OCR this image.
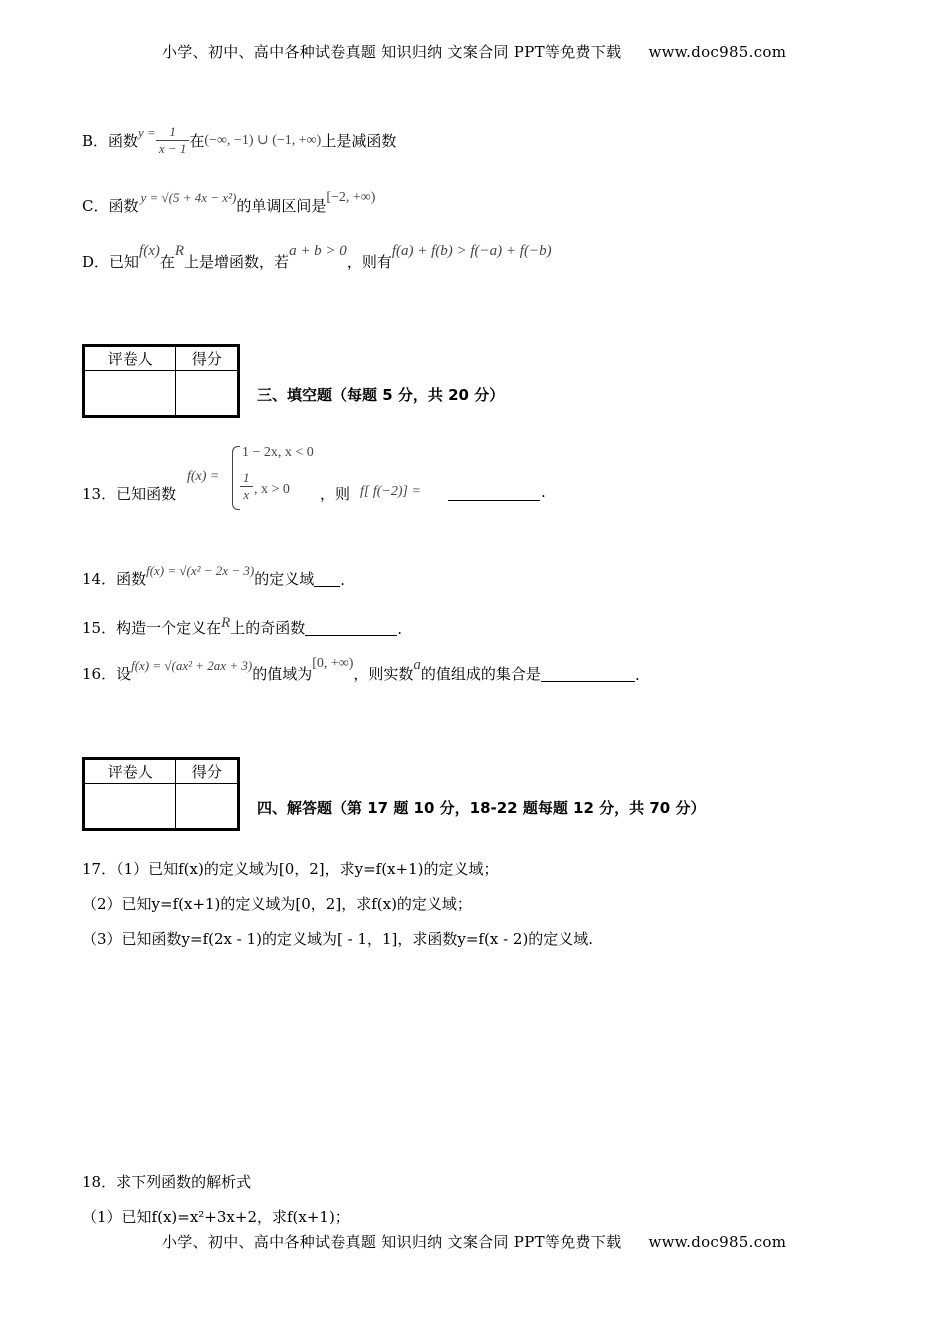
小学、初中、高中各种试卷真题 知识归纳 文案合同 PPT等免费下载 www.doc985.com
B．函数 $y = \frac{1}{x - 1}$ 在 (−∞, −1) ∪ (−1, +∞) 上是减函数
C．函数 y = √(5 + 4x − x²) 的单调区间是 [−2, +∞)
D．已知
f(x)
在
R
上是增函数，若
a + b > 0
，则有
f(a) + f(b) > f(−a) + f(−b)
评卷人	得分

三、填空题（每题 5 分，共 20 分）
13．已知函数
f(x) =
1 − 2x, x < 0
$\frac{1}{x}$ , x > 0 ，则 f[ f(−2)] =	.
14．函数 f(x) = √(x² − 2x − 3) 的定义域 .
15．构造一个定义在 R 上的奇函数	.
16．设 f(x) = √(ax² + 2ax + 3) 的值域为
[0, +∞)
，则实数 a 的值组成的集合是	.
评卷人	得分

四、解答题（第 17 题 10 分，18-22 题每题 12 分，共 70 分）
17．（1）已知f(x)的定义域为[0，2]，求y=f(x+1)的定义域；
（2）已知y=f(x+1)的定义域为[0，2]，求f(x)的定义域；
（3）已知函数y=f(2x - 1)的定义域为[ - 1，1]，求函数y=f(x - 2)的定义域.
18．求下列函数的解析式
（1）已知f(x)=x²+3x+2，求f(x+1)；
小学、初中、高中各种试卷真题 知识归纳 文案合同 PPT等免费下载 www.doc985.com
